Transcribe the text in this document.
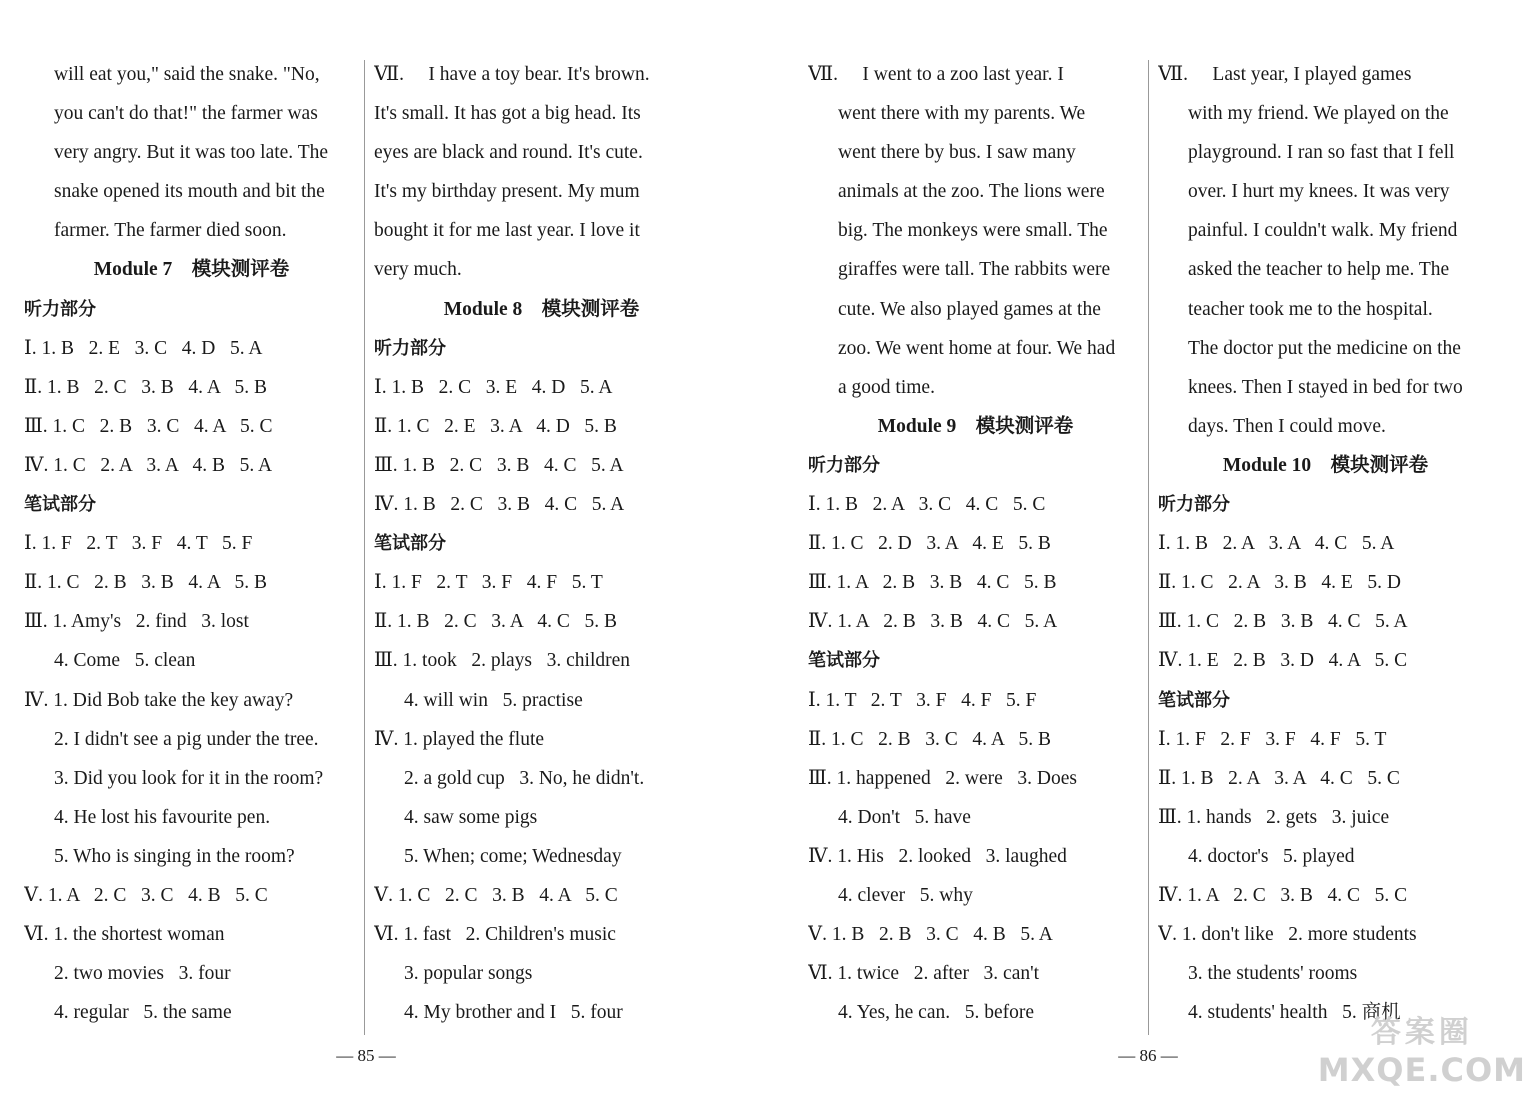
will eat you," said the snake. "No,
you can't do that!" the farmer was
very angry. But it was too late. The
snake opened its mouth and bit the
farmer. The farmer died soon.
Module 7    模块测评卷
听力部分
Ⅰ. 1. B   2. E   3. C   4. D   5. A
Ⅱ. 1. B   2. C   3. B   4. A   5. B
Ⅲ. 1. C   2. B   3. C   4. A   5. C
Ⅳ. 1. C   2. A   3. A   4. B   5. A
笔试部分
Ⅰ. 1. F   2. T   3. F   4. T   5. F
Ⅱ. 1. C   2. B   3. B   4. A   5. B
Ⅲ. 1. Amy's   2. find   3. lost
4. Come   5. clean
Ⅳ. 1. Did Bob take the key away?
2. I didn't see a pig under the tree.
3. Did you look for it in the room?
4. He lost his favourite pen.
5. Who is singing in the room?
Ⅴ. 1. A   2. C   3. C   4. B   5. C
Ⅵ. 1. the shortest woman
2. two movies   3. four
4. regular   5. the same
Ⅶ.     I have a toy bear. It's brown.
It's small. It has got a big head. Its
eyes are black and round. It's cute.
It's my birthday present. My mum
bought it for me last year. I love it
very much.
Module 8    模块测评卷
听力部分
Ⅰ. 1. B   2. C   3. E   4. D   5. A
Ⅱ. 1. C   2. E   3. A   4. D   5. B
Ⅲ. 1. B   2. C   3. B   4. C   5. A
Ⅳ. 1. B   2. C   3. B   4. C   5. A
笔试部分
Ⅰ. 1. F   2. T   3. F   4. F   5. T
Ⅱ. 1. B   2. C   3. A   4. C   5. B
Ⅲ. 1. took   2. plays   3. children
4. will win   5. practise
Ⅳ. 1. played the flute
2. a gold cup   3. No, he didn't.
4. saw some pigs
5. When; come; Wednesday
Ⅴ. 1. C   2. C   3. B   4. A   5. C
Ⅵ. 1. fast   2. Children's music
3. popular songs
4. My brother and I   5. four
— 85 —
Ⅶ.     I went to a zoo last year. I
went there with my parents. We
went there by bus. I saw many
animals at the zoo. The lions were
big. The monkeys were small. The
giraffes were tall. The rabbits were
cute. We also played games at the
zoo. We went home at four. We had
a good time.
Module 9    模块测评卷
听力部分
Ⅰ. 1. B   2. A   3. C   4. C   5. C
Ⅱ. 1. C   2. D   3. A   4. E   5. B
Ⅲ. 1. A   2. B   3. B   4. C   5. B
Ⅳ. 1. A   2. B   3. B   4. C   5. A
笔试部分
Ⅰ. 1. T   2. T   3. F   4. F   5. F
Ⅱ. 1. C   2. B   3. C   4. A   5. B
Ⅲ. 1. happened   2. were   3. Does
4. Don't   5. have
Ⅳ. 1. His   2. looked   3. laughed
4. clever   5. why
Ⅴ. 1. B   2. B   3. C   4. B   5. A
Ⅵ. 1. twice   2. after   3. can't
4. Yes, he can.   5. before
Ⅶ.     Last year, I played games
with my friend. We played on the
playground. I ran so fast that I fell
over. I hurt my knees. It was very
painful. I couldn't walk. My friend
asked the teacher to help me. The
teacher took me to the hospital.
The doctor put the medicine on the
knees. Then I stayed in bed for two
days. Then I could move.
Module 10    模块测评卷
听力部分
Ⅰ. 1. B   2. A   3. A   4. C   5. A
Ⅱ. 1. C   2. A   3. B   4. E   5. D
Ⅲ. 1. C   2. B   3. B   4. C   5. A
Ⅳ. 1. E   2. B   3. D   4. A   5. C
笔试部分
Ⅰ. 1. F   2. F   3. F   4. F   5. T
Ⅱ. 1. B   2. A   3. A   4. C   5. C
Ⅲ. 1. hands   2. gets   3. juice
4. doctor's   5. played
Ⅳ. 1. A   2. C   3. B   4. C   5. C
Ⅴ. 1. don't like   2. more students
3. the students' rooms
4. students' health   5. 商机
— 86 —
答案圈
MXQE.COM
